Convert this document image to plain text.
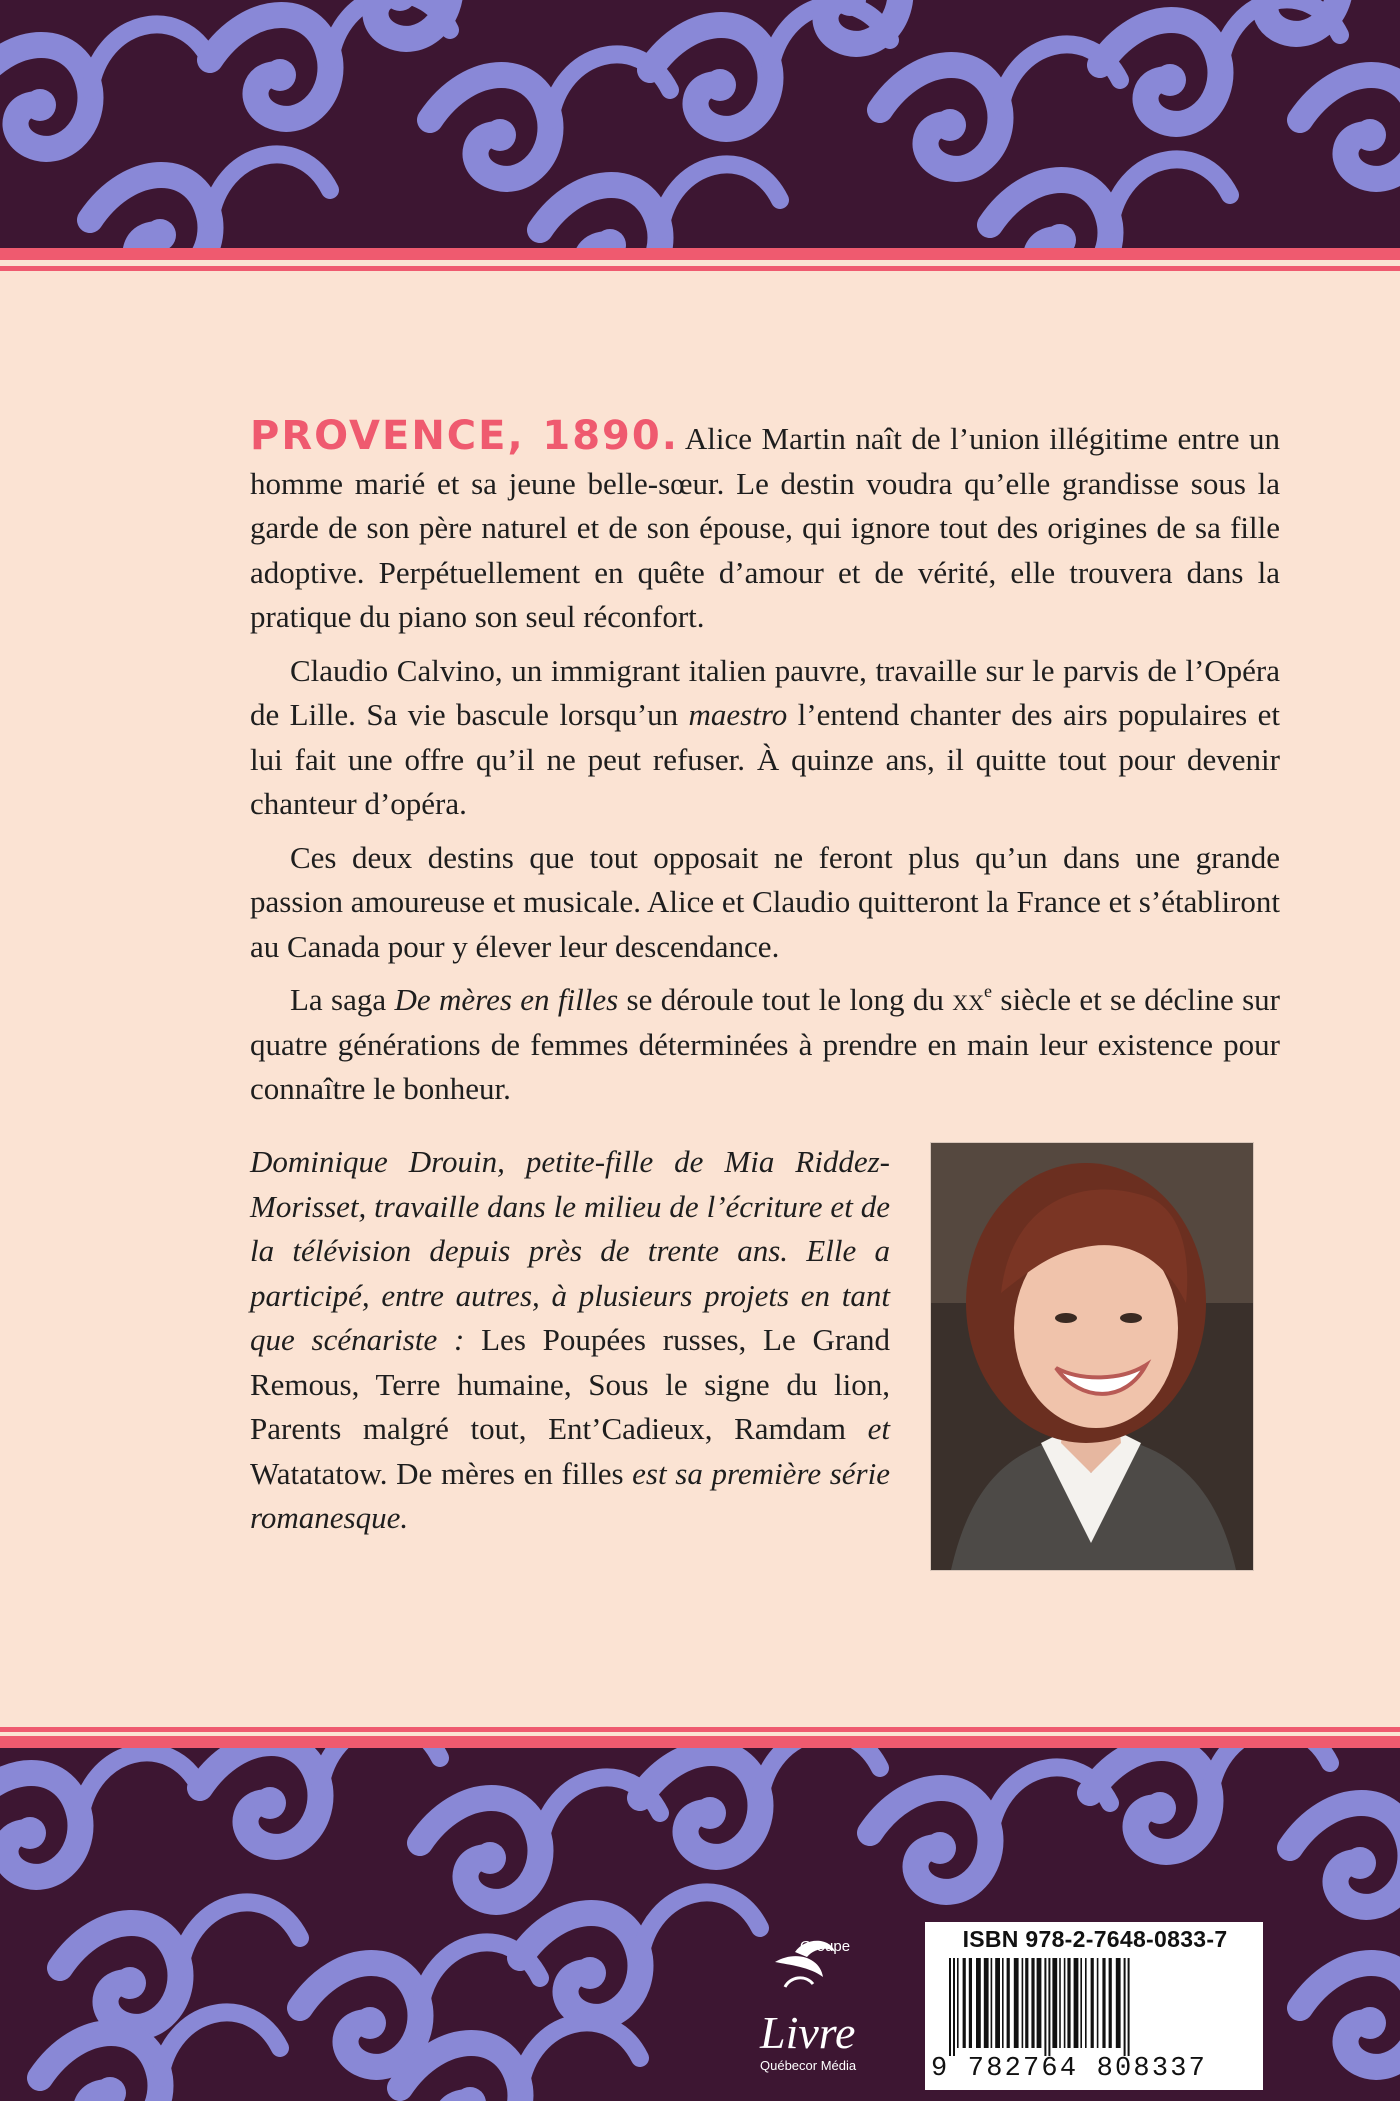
PROVENCE, 1890. Alice Martin naît de l’union illégitime entre un homme marié et sa jeune belle-sœur. Le destin voudra qu’elle grandisse sous la garde de son père naturel et de son épouse, qui ignore tout des origines de sa fille adoptive. Perpétuellement en quête d’amour et de vérité, elle trouvera dans la pratique du piano son seul réconfort.

Claudio Calvino, un immigrant italien pauvre, travaille sur le parvis de l’Opéra de Lille. Sa vie bascule lorsqu’un maestro l’entend chanter des airs populaires et lui fait une offre qu’il ne peut refuser. À quinze ans, il quitte tout pour devenir chanteur d’opéra.

Ces deux destins que tout opposait ne feront plus qu’un dans une grande passion amoureuse et musicale. Alice et Claudio quitteront la France et s’établiront au Canada pour y élever leur descendance.

La saga De mères en filles se déroule tout le long du $xx^e$ siècle et se décline sur quatre générations de femmes déterminées à prendre en main leur existence pour connaître le bonheur.

Dominique Drouin, petite-fille de Mia Riddez-Morisset, travaille dans le milieu de l’écriture et de la télévision depuis près de trente ans. Elle a participé, entre autres, à plusieurs projets en tant que scénariste : Les Poupées russes, Le Grand Remous, Terre humaine, Sous le signe du lion, Parents malgré tout, Ent’Cadieux, Ramdam et Watatatow. De mères en filles est sa première série romanesque.
Groupe
Livre
Québecor Média
ISBN 978-2-7648-0833-7
9 782764 808337
